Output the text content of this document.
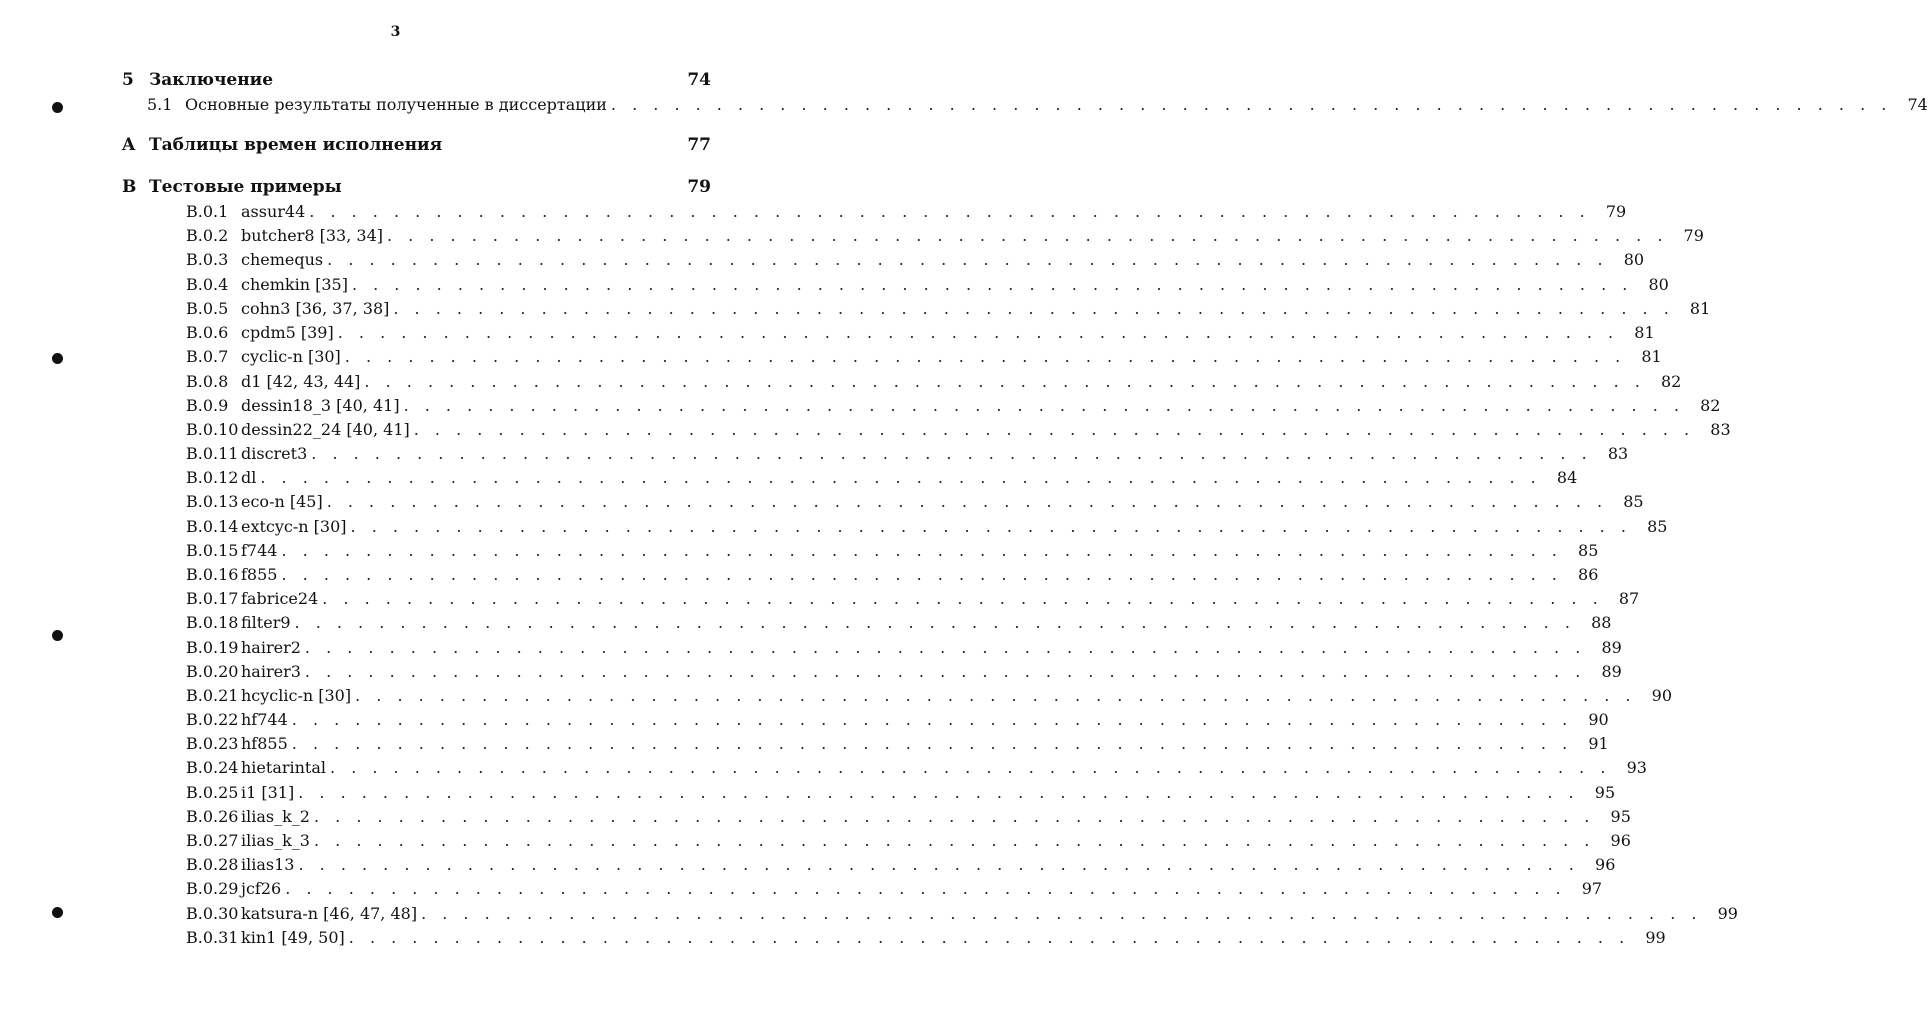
3
5 Заключение	74
5.1 Основные результаты полученные в диссертации . . . . . . . . . . . . . . . . . . . . . . . . . . . . . . . . . . . . . . . . . . . . . . . . . . . . . . . . . . . . . 74
A Таблицы времен исполнения	77
B Тестовые примеры	79
B.0.1 assur44 . . . . . . . . . . . . . . . . . . . . . . . . . . . . . . . . . . . . . . . . . . . . . . . . . . . . . . . . . . . . . 79
B.0.2 butcher8 [33, 34] . . . . . . . . . . . . . . . . . . . . . . . . . . . . . . . . . . . . . . . . . . . . . . . . . . . . . . . . . . . . . 79
B.0.3 chemequs . . . . . . . . . . . . . . . . . . . . . . . . . . . . . . . . . . . . . . . . . . . . . . . . . . . . . . . . . . . . . 80
B.0.4 chemkin [35] . . . . . . . . . . . . . . . . . . . . . . . . . . . . . . . . . . . . . . . . . . . . . . . . . . . . . . . . . . . . . 80
B.0.5 cohn3 [36, 37, 38] . . . . . . . . . . . . . . . . . . . . . . . . . . . . . . . . . . . . . . . . . . . . . . . . . . . . . . . . . . . . . 81
B.0.6 cpdm5 [39] . . . . . . . . . . . . . . . . . . . . . . . . . . . . . . . . . . . . . . . . . . . . . . . . . . . . . . . . . . . . . 81
B.0.7 cyclic-n [30] . . . . . . . . . . . . . . . . . . . . . . . . . . . . . . . . . . . . . . . . . . . . . . . . . . . . . . . . . . . . . 81
B.0.8 d1 [42, 43, 44] . . . . . . . . . . . . . . . . . . . . . . . . . . . . . . . . . . . . . . . . . . . . . . . . . . . . . . . . . . . . . 82
B.0.9 dessin18_3 [40, 41] . . . . . . . . . . . . . . . . . . . . . . . . . . . . . . . . . . . . . . . . . . . . . . . . . . . . . . . . . . . . . 82
B.0.10 dessin22_24 [40, 41] . . . . . . . . . . . . . . . . . . . . . . . . . . . . . . . . . . . . . . . . . . . . . . . . . . . . . . . . . . . . . 83
B.0.11 discret3 . . . . . . . . . . . . . . . . . . . . . . . . . . . . . . . . . . . . . . . . . . . . . . . . . . . . . . . . . . . . . 83
B.0.12 dl . . . . . . . . . . . . . . . . . . . . . . . . . . . . . . . . . . . . . . . . . . . . . . . . . . . . . . . . . . . . . 84
B.0.13 eco-n [45] . . . . . . . . . . . . . . . . . . . . . . . . . . . . . . . . . . . . . . . . . . . . . . . . . . . . . . . . . . . . . 85
B.0.14 extcyc-n [30] . . . . . . . . . . . . . . . . . . . . . . . . . . . . . . . . . . . . . . . . . . . . . . . . . . . . . . . . . . . . . 85
B.0.15 f744 . . . . . . . . . . . . . . . . . . . . . . . . . . . . . . . . . . . . . . . . . . . . . . . . . . . . . . . . . . . . . 85
B.0.16 f855 . . . . . . . . . . . . . . . . . . . . . . . . . . . . . . . . . . . . . . . . . . . . . . . . . . . . . . . . . . . . . 86
B.0.17 fabrice24 . . . . . . . . . . . . . . . . . . . . . . . . . . . . . . . . . . . . . . . . . . . . . . . . . . . . . . . . . . . . . 87
B.0.18 filter9 . . . . . . . . . . . . . . . . . . . . . . . . . . . . . . . . . . . . . . . . . . . . . . . . . . . . . . . . . . . . . 88
B.0.19 hairer2 . . . . . . . . . . . . . . . . . . . . . . . . . . . . . . . . . . . . . . . . . . . . . . . . . . . . . . . . . . . . . 89
B.0.20 hairer3 . . . . . . . . . . . . . . . . . . . . . . . . . . . . . . . . . . . . . . . . . . . . . . . . . . . . . . . . . . . . . 89
B.0.21 hcyclic-n [30] . . . . . . . . . . . . . . . . . . . . . . . . . . . . . . . . . . . . . . . . . . . . . . . . . . . . . . . . . . . . . 90
B.0.22 hf744 . . . . . . . . . . . . . . . . . . . . . . . . . . . . . . . . . . . . . . . . . . . . . . . . . . . . . . . . . . . . . 90
B.0.23 hf855 . . . . . . . . . . . . . . . . . . . . . . . . . . . . . . . . . . . . . . . . . . . . . . . . . . . . . . . . . . . . . 91
B.0.24 hietarintal . . . . . . . . . . . . . . . . . . . . . . . . . . . . . . . . . . . . . . . . . . . . . . . . . . . . . . . . . . . . . 93
B.0.25 i1 [31] . . . . . . . . . . . . . . . . . . . . . . . . . . . . . . . . . . . . . . . . . . . . . . . . . . . . . . . . . . . . . 95
B.0.26 ilias_k_2 . . . . . . . . . . . . . . . . . . . . . . . . . . . . . . . . . . . . . . . . . . . . . . . . . . . . . . . . . . . . . 95
B.0.27 ilias_k_3 . . . . . . . . . . . . . . . . . . . . . . . . . . . . . . . . . . . . . . . . . . . . . . . . . . . . . . . . . . . . . 96
B.0.28 ilias13 . . . . . . . . . . . . . . . . . . . . . . . . . . . . . . . . . . . . . . . . . . . . . . . . . . . . . . . . . . . . . 96
B.0.29 jcf26 . . . . . . . . . . . . . . . . . . . . . . . . . . . . . . . . . . . . . . . . . . . . . . . . . . . . . . . . . . . . . 97
B.0.30 katsura-n [46, 47, 48] . . . . . . . . . . . . . . . . . . . . . . . . . . . . . . . . . . . . . . . . . . . . . . . . . . . . . . . . . . . . . 99
B.0.31 kin1 [49, 50] . . . . . . . . . . . . . . . . . . . . . . . . . . . . . . . . . . . . . . . . . . . . . . . . . . . . . . . . . . . . . 99
